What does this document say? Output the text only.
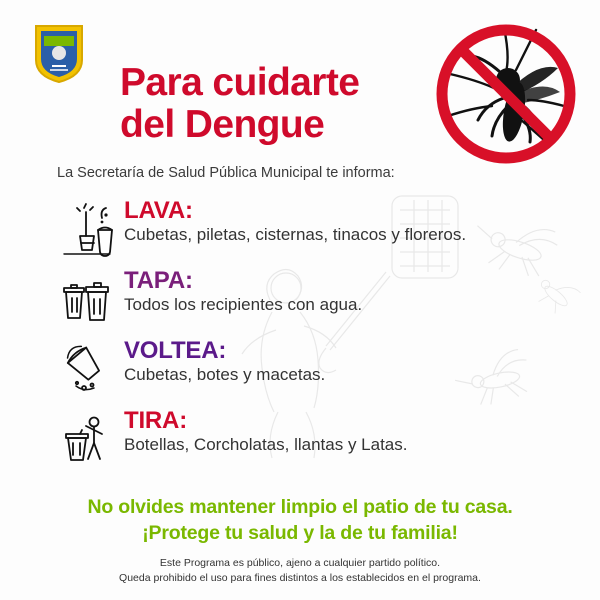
Para cuidarte
del Dengue
La Secretaría de Salud Pública Municipal te informa:
LAVA:
Cubetas, piletas, cisternas, tinacos y floreros.
TAPA:
Todos los recipientes con agua.
VOLTEA:
Cubetas, botes y macetas.
TIRA:
Botellas, Corcholatas, llantas y Latas.
No olvides mantener limpio el patio de tu casa.
¡Protege tu salud y la de tu familia!
Este Programa es público, ajeno a cualquier partido político.
Queda prohibido el uso para fines distintos a los establecidos en el programa.
